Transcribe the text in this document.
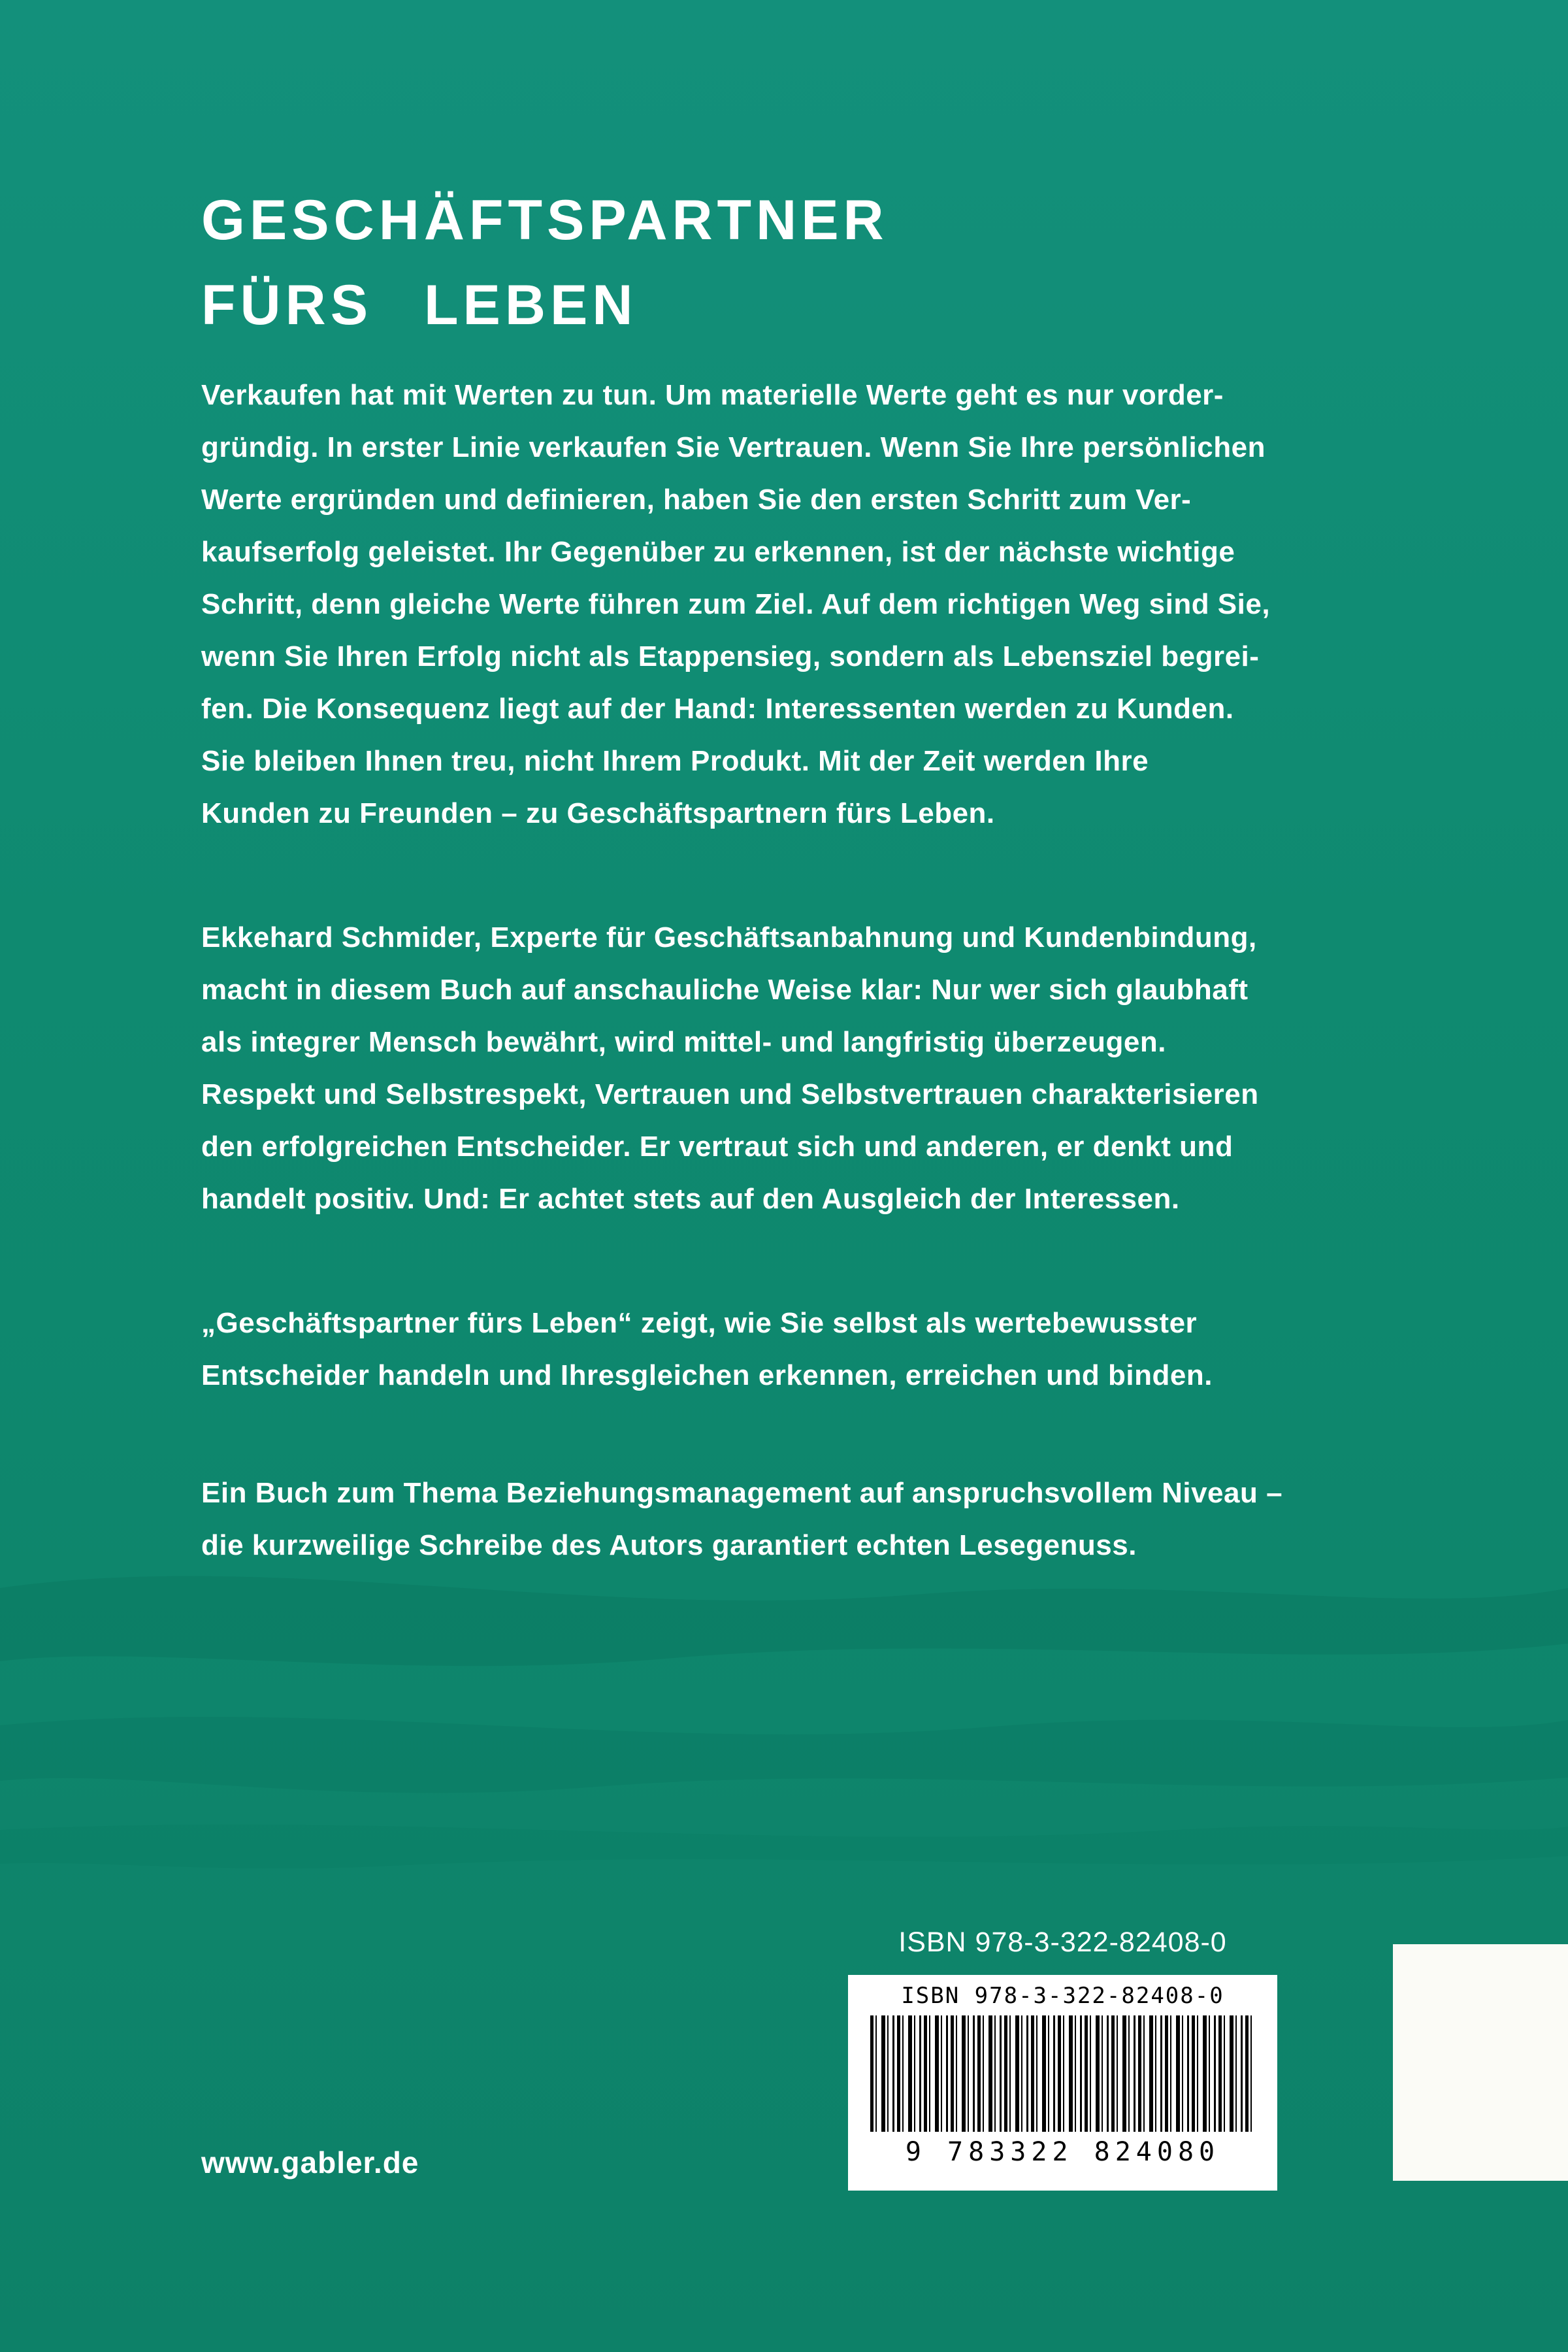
GESCHÄFTSPARTNER
FÜRS LEBEN
Verkaufen hat mit Werten zu tun. Um materielle Werte geht es nur vorder-
gründig. In erster Linie verkaufen Sie Vertrauen. Wenn Sie Ihre persönlichen
Werte ergründen und definieren, haben Sie den ersten Schritt zum Ver-
kaufserfolg geleistet. Ihr Gegenüber zu erkennen, ist der nächste wichtige
Schritt, denn gleiche Werte führen zum Ziel. Auf dem richtigen Weg sind Sie,
wenn Sie Ihren Erfolg nicht als Etappensieg, sondern als Lebensziel begrei-
fen. Die Konsequenz liegt auf der Hand: Interessenten werden zu Kunden.
Sie bleiben Ihnen treu, nicht Ihrem Produkt. Mit der Zeit werden Ihre
Kunden zu Freunden – zu Geschäftspartnern fürs Leben.
Ekkehard Schmider, Experte für Geschäftsanbahnung und Kundenbindung,
macht in diesem Buch auf anschauliche Weise klar: Nur wer sich glaubhaft
als integrer Mensch bewährt, wird mittel- und langfristig überzeugen.
Respekt und Selbstrespekt, Vertrauen und Selbstvertrauen charakterisieren
den erfolgreichen Entscheider. Er vertraut sich und anderen, er denkt und
handelt positiv. Und: Er achtet stets auf den Ausgleich der Interessen.
„Geschäftspartner fürs Leben“ zeigt, wie Sie selbst als wertebewusster
Entscheider handeln und Ihresgleichen erkennen, erreichen und binden.
Ein Buch zum Thema Beziehungsmanagement auf anspruchsvollem Niveau –
die kurzweilige Schreibe des Autors garantiert echten Lesegenuss.
ISBN 978-3-322-82408-0
ISBN 978-3-322-82408-0
9 783322 824080
www.gabler.de
